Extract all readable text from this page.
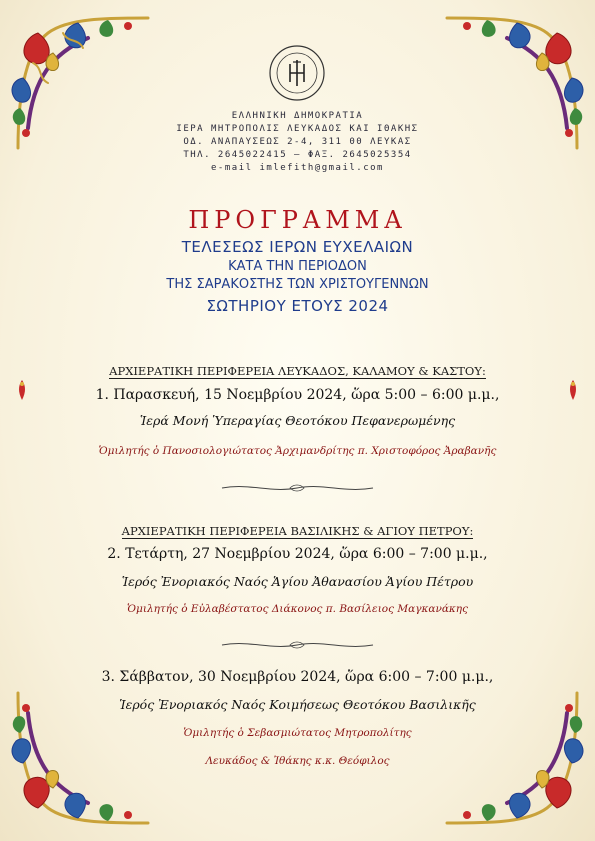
ΕΛΛΗΝΙΚΗ ΔΗΜΟΚΡΑΤΙΑ
ΙΕΡΑ ΜΗΤΡΟΠΟΛΙΣ ΛΕΥΚΑΔΟΣ ΚΑΙ ΙΘΑΚΗΣ
ΟΔ. ΑΝΑΠΑΥΣΕΩΣ 2-4, 311 00 ΛΕΥΚΑΣ
ΤΗΛ. 2645022415 – ΦΑΞ. 2645025354
e-mail imlefith@gmail.com
ΠΡΟΓΡΑΜΜΑ
ΤΕΛΕΣΕΩΣ ΙΕΡΩΝ ΕΥΧΕΛΑΙΩΝ
ΚΑΤΑ ΤΗΝ ΠΕΡΙΟΔΟΝ
ΤΗΣ ΣΑΡΑΚΟΣΤΗΣ ΤΩΝ ΧΡΙΣΤΟΥΓΕΝΝΩΝ
ΣΩΤΗΡΙΟΥ ΕΤΟΥΣ 2024
ΑΡΧΙΕΡΑΤΙΚΗ ΠΕΡΙΦΕΡΕΙΑ ΛΕΥΚΑΔΟΣ, ΚΑΛΑΜΟΥ & ΚΑΣΤΟΥ:
1. Παρασκευή, 15 Νοεμβρίου 2024, ὥρα 5:00 – 6:00 μ.μ.,
Ἱερά Μονή Ὑπεραγίας Θεοτόκου Πεφανερωμένης
Ὁμιλητής ὁ Πανοσιολογιώτατος Ἀρχιμανδρίτης π. Χριστοφόρος Ἀραβανῆς
ΑΡΧΙΕΡΑΤΙΚΗ ΠΕΡΙΦΕΡΕΙΑ ΒΑΣΙΛΙΚΗΣ & ΑΓΙΟΥ ΠΕΤΡΟΥ:
2. Τετάρτη, 27 Νοεμβρίου 2024, ὥρα 6:00 – 7:00 μ.μ.,
Ἱερός Ἐνοριακός Ναός Ἁγίου Ἀθανασίου Ἁγίου Πέτρου
Ὁμιλητής ὁ Εὐλαβέστατος Διάκονος π. Βασίλειος Μαγκανάκης
3. Σάββατον, 30 Νοεμβρίου 2024, ὥρα 6:00 – 7:00 μ.μ.,
Ἱερός Ἐνοριακός Ναός Κοιμήσεως Θεοτόκου Βασιλικῆς
Ὁμιλητής ὁ Σεβασμιώτατος Μητροπολίτης
Λευκάδος & Ἰθάκης κ.κ. Θεόφιλος
